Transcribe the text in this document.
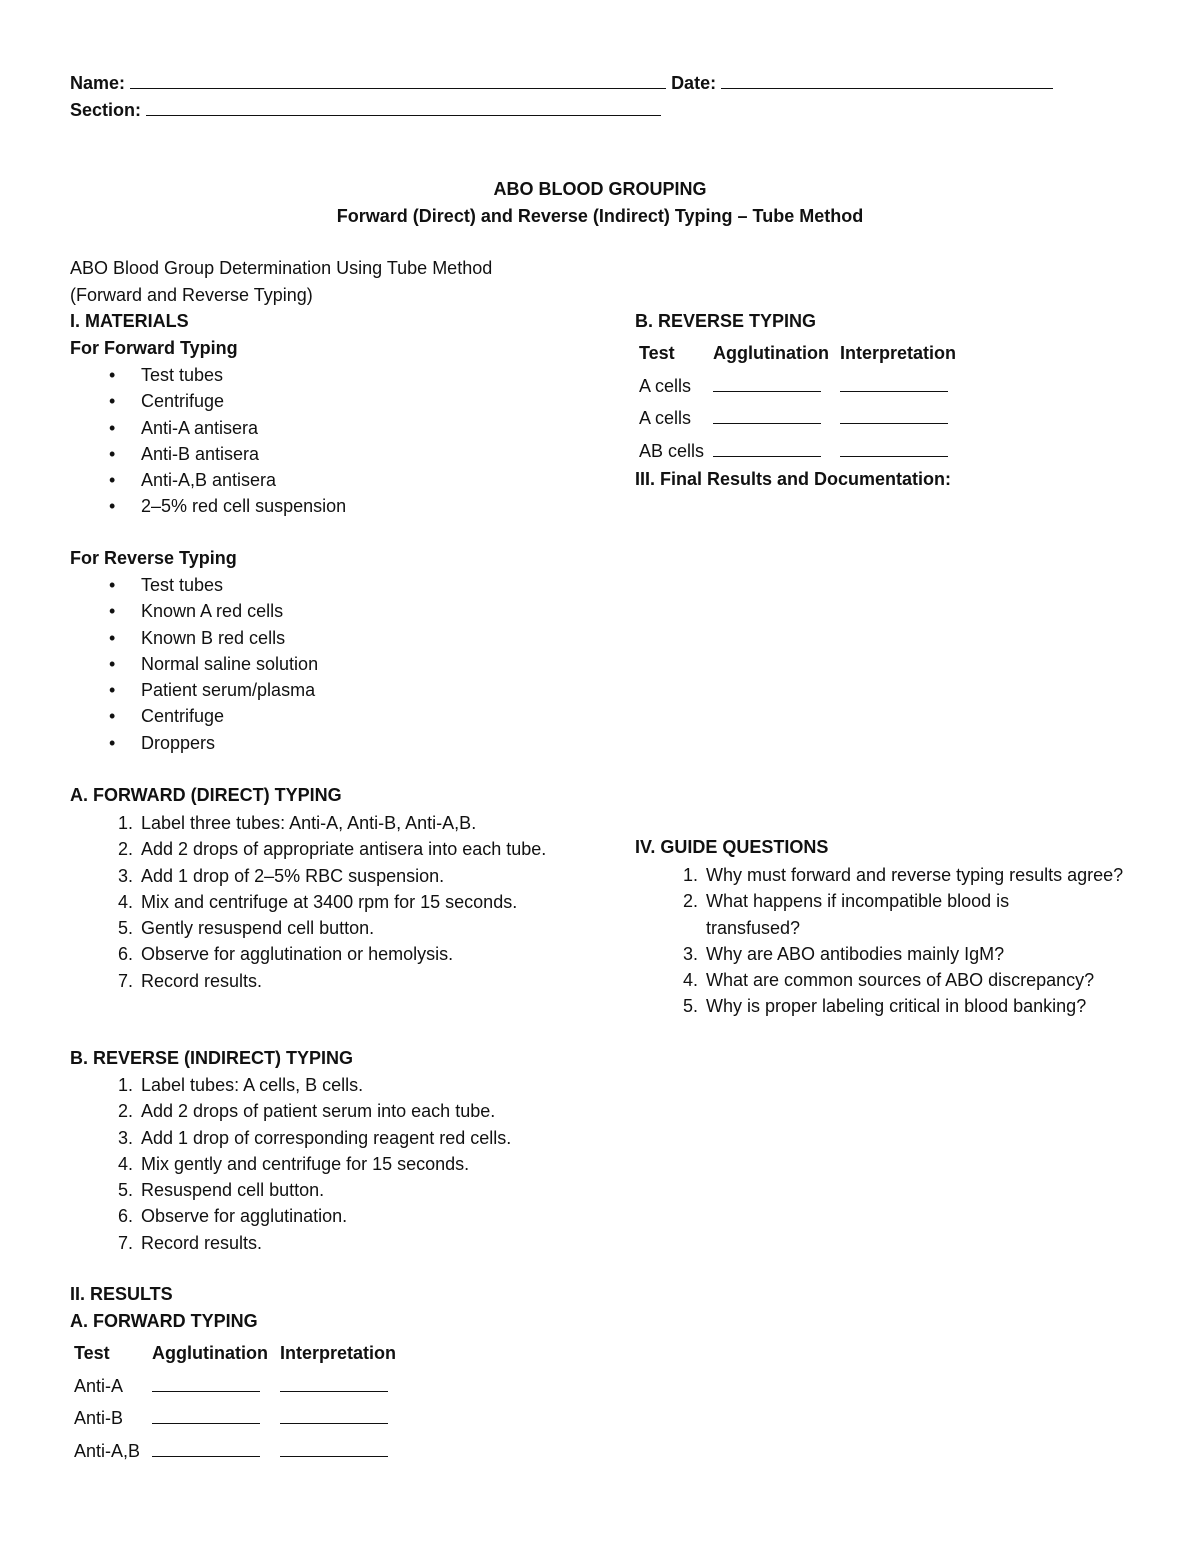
Name:	Date:
Section:
ABO BLOOD GROUPING
Forward (Direct) and Reverse (Indirect) Typing – Tube Method
ABO Blood Group Determination Using Tube Method
(Forward and Reverse Typing)
I. MATERIALS
For Forward Typing
• Test tubes
• Centrifuge
• Anti-A antisera
• Anti-B antisera
• Anti-A,B antisera
• 2–5% red cell suspension
For Reverse Typing
• Test tubes
• Known A red cells
• Known B red cells
• Normal saline solution
• Patient serum/plasma
• Centrifuge
• Droppers
A. FORWARD (DIRECT) TYPING
1. Label three tubes: Anti-A, Anti-B, Anti-A,B.
2. Add 2 drops of appropriate antisera into each tube.
3. Add 1 drop of 2–5% RBC suspension.
4. Mix and centrifuge at 3400 rpm for 15 seconds.
5. Gently resuspend cell button.
6. Observe for agglutination or hemolysis.
7. Record results.
B. REVERSE (INDIRECT) TYPING
1. Label tubes: A cells, B cells.
2. Add 2 drops of patient serum into each tube.
3. Add 1 drop of corresponding reagent red cells.
4. Mix gently and centrifuge for 15 seconds.
5. Resuspend cell button.
6. Observe for agglutination.
7. Record results.
II. RESULTS
A. FORWARD TYPING
Test	Agglutination	Interpretation
Anti-A		
Anti-B		
Anti-A,B		
B. REVERSE TYPING
Test	Agglutination	Interpretation
A cells		
A cells		
AB cells		
III. Final Results and Documentation:
IV. GUIDE QUESTIONS
1. Why must forward and reverse typing results agree?
2. What happens if incompatible blood is transfused?
3. Why are ABO antibodies mainly IgM?
4. What are common sources of ABO discrepancy?
5. Why is proper labeling critical in blood banking?
